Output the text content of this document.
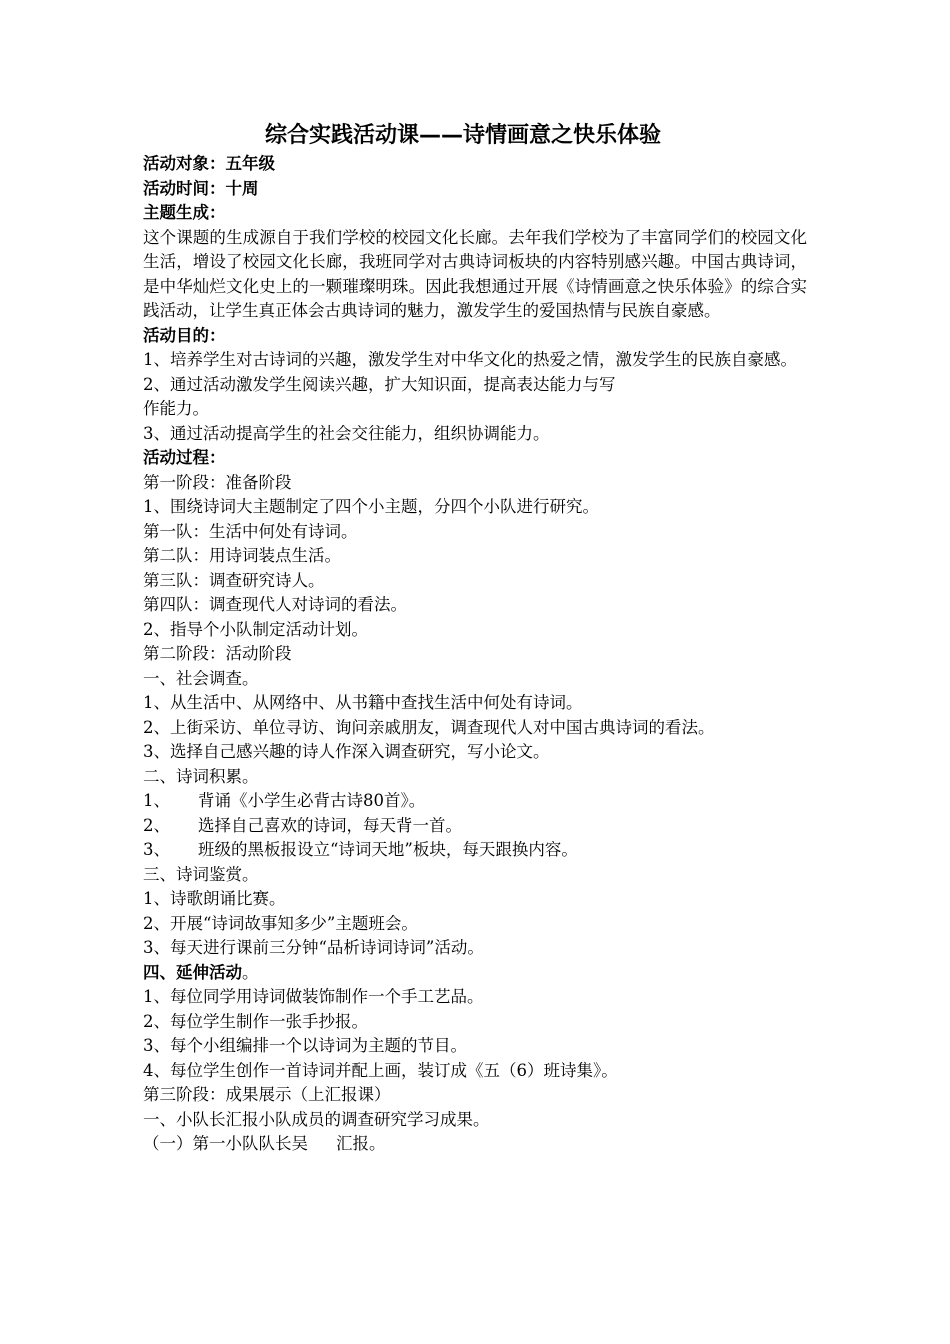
综合实践活动课——诗情画意之快乐体验

活动对象：五年级

活动时间：十周

主题生成：

这个课题的生成源自于我们学校的校园文化长廊。去年我们学校为了丰富同学们的校园文化生活，增设了校园文化长廊，我班同学对古典诗词板块的内容特别感兴趣。中国古典诗词，是中华灿烂文化史上的一颗璀璨明珠。因此我想通过开展《诗情画意之快乐体验》的综合实践活动，让学生真正体会古典诗词的魅力，激发学生的爱国热情与民族自豪感。

活动目的：

1、培养学生对古诗词的兴趣，激发学生对中华文化的热爱之情，激发学生的民族自豪感。

2、通过活动激发学生阅读兴趣，扩大知识面，提高表达能力与写

作能力。

3、通过活动提高学生的社会交往能力，组织协调能力。

活动过程：

第一阶段：准备阶段

1、围绕诗词大主题制定了四个小主题，分四个小队进行研究。

第一队：生活中何处有诗词。

第二队：用诗词装点生活。

第三队：调查研究诗人。

第四队：调查现代人对诗词的看法。

2、指导个小队制定活动计划。

第二阶段：活动阶段

一、社会调查。

1、从生活中、从网络中、从书籍中查找生活中何处有诗词。

2、上街采访、单位寻访、询问亲戚朋友，调查现代人对中国古典诗词的看法。

3、选择自己感兴趣的诗人作深入调查研究，写小论文。

二、诗词积累。

1、 背诵《小学生必背古诗80首》。

2、 选择自己喜欢的诗词，每天背一首。

3、 班级的黑板报设立“诗词天地”板块，每天跟换内容。

三、诗词鉴赏。

1、诗歌朗诵比赛。

2、开展“诗词故事知多少”主题班会。

3、每天进行课前三分钟“品析诗词诗词”活动。

四、延伸活动。

1、每位同学用诗词做装饰制作一个手工艺品。

2、每位学生制作一张手抄报。

3、每个小组编排一个以诗词为主题的节目。

4、每位学生创作一首诗词并配上画，装订成《五（6）班诗集》。

第三阶段：成果展示（上汇报课）

一、小队长汇报小队成员的调查研究学习成果。

（一）第一小队队长吴 汇报。
